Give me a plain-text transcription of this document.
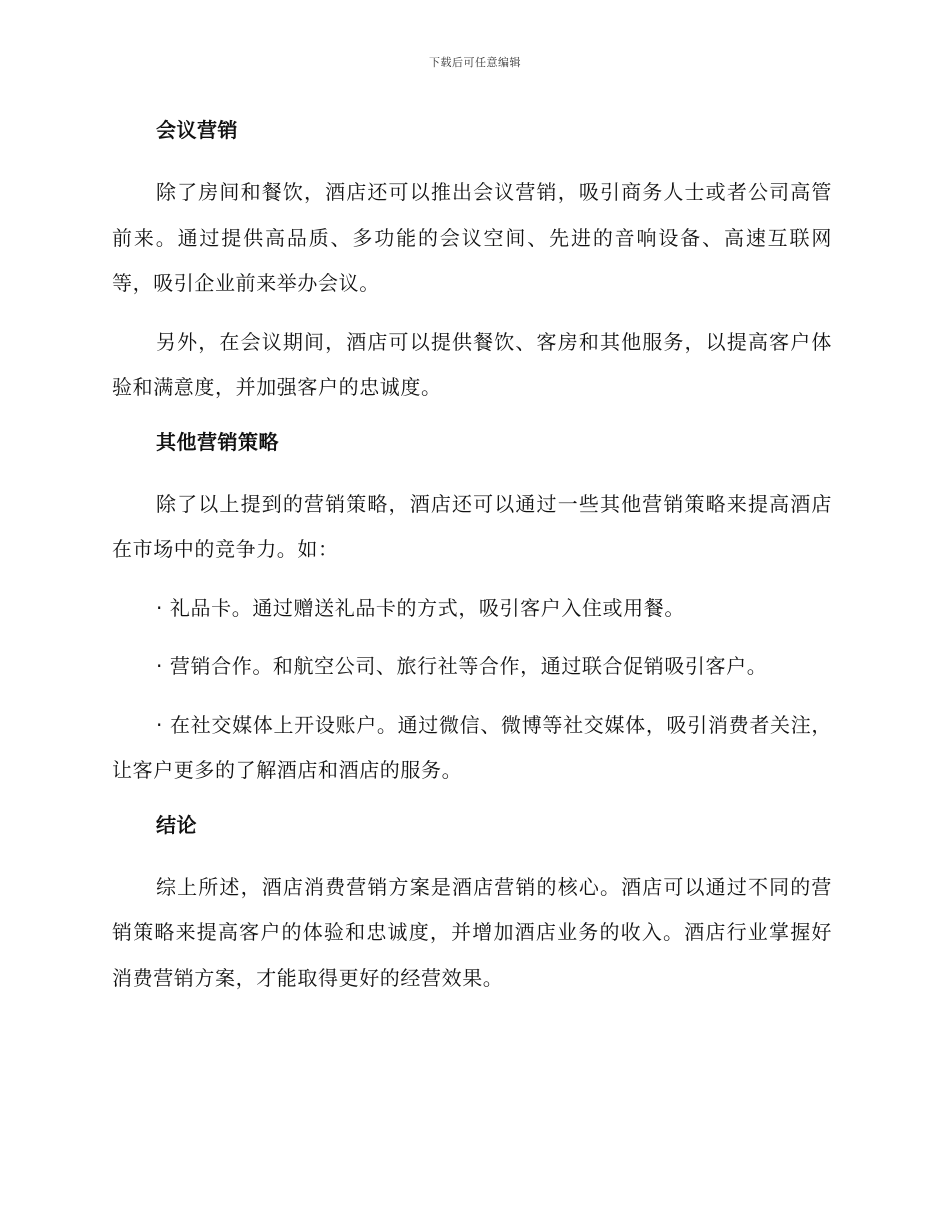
下载后可任意编辑
会议营销

除了房间和餐饮，酒店还可以推出会议营销，吸引商务人士或者公司高管前来。通过提供高品质、多功能的会议空间、先进的音响设备、高速互联网等，吸引企业前来举办会议。

另外，在会议期间，酒店可以提供餐饮、客房和其他服务，以提高客户体验和满意度，并加强客户的忠诚度。

其他营销策略

除了以上提到的营销策略，酒店还可以通过一些其他营销策略来提高酒店在市场中的竞争力。如：

· 礼品卡。通过赠送礼品卡的方式，吸引客户入住或用餐。

· 营销合作。和航空公司、旅行社等合作，通过联合促销吸引客户。

· 在社交媒体上开设账户。通过微信、微博等社交媒体，吸引消费者关注，让客户更多的了解酒店和酒店的服务。

结论

综上所述，酒店消费营销方案是酒店营销的核心。酒店可以通过不同的营销策略来提高客户的体验和忠诚度，并增加酒店业务的收入。酒店行业掌握好消费营销方案，才能取得更好的经营效果。
